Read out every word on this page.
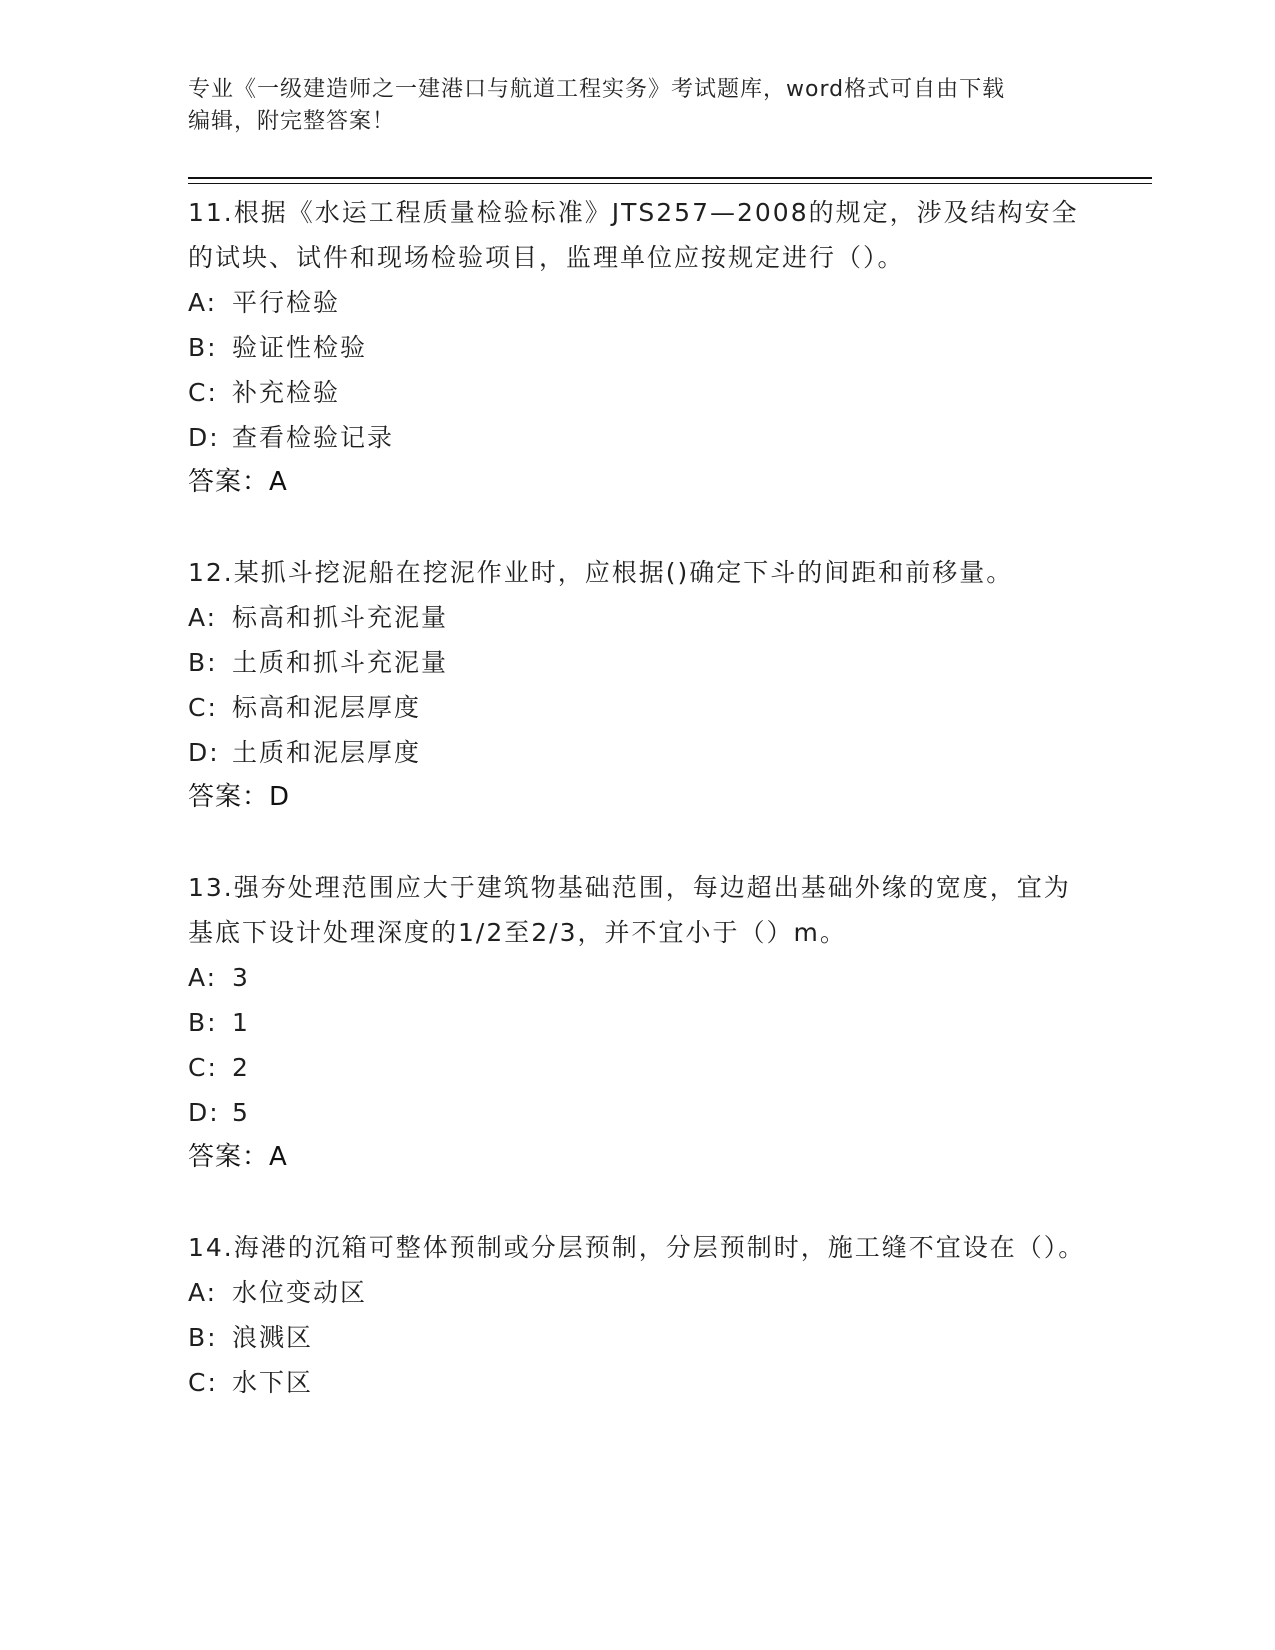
专业《一级建造师之一建港口与航道工程实务》考试题库，word格式可自由下载
编辑，附完整答案！
11.根据《水运工程质量检验标准》JTS257—2008的规定，涉及结构安全的试块、试件和现场检验项目，监理单位应按规定进行（）。
A: 平行检验
B: 验证性检验
C: 补充检验
D: 查看检验记录
答案：A
12.某抓斗挖泥船在挖泥作业时，应根据()确定下斗的间距和前移量。
A: 标高和抓斗充泥量
B: 土质和抓斗充泥量
C: 标高和泥层厚度
D: 土质和泥层厚度
答案：D
13.强夯处理范围应大于建筑物基础范围，每边超出基础外缘的宽度，宜为基底下设计处理深度的1/2至2/3，并不宜小于（）m。
A: 3
B: 1
C: 2
D: 5
答案：A
14.海港的沉箱可整体预制或分层预制，分层预制时，施工缝不宜设在（）。
A: 水位变动区
B: 浪溅区
C: 水下区
